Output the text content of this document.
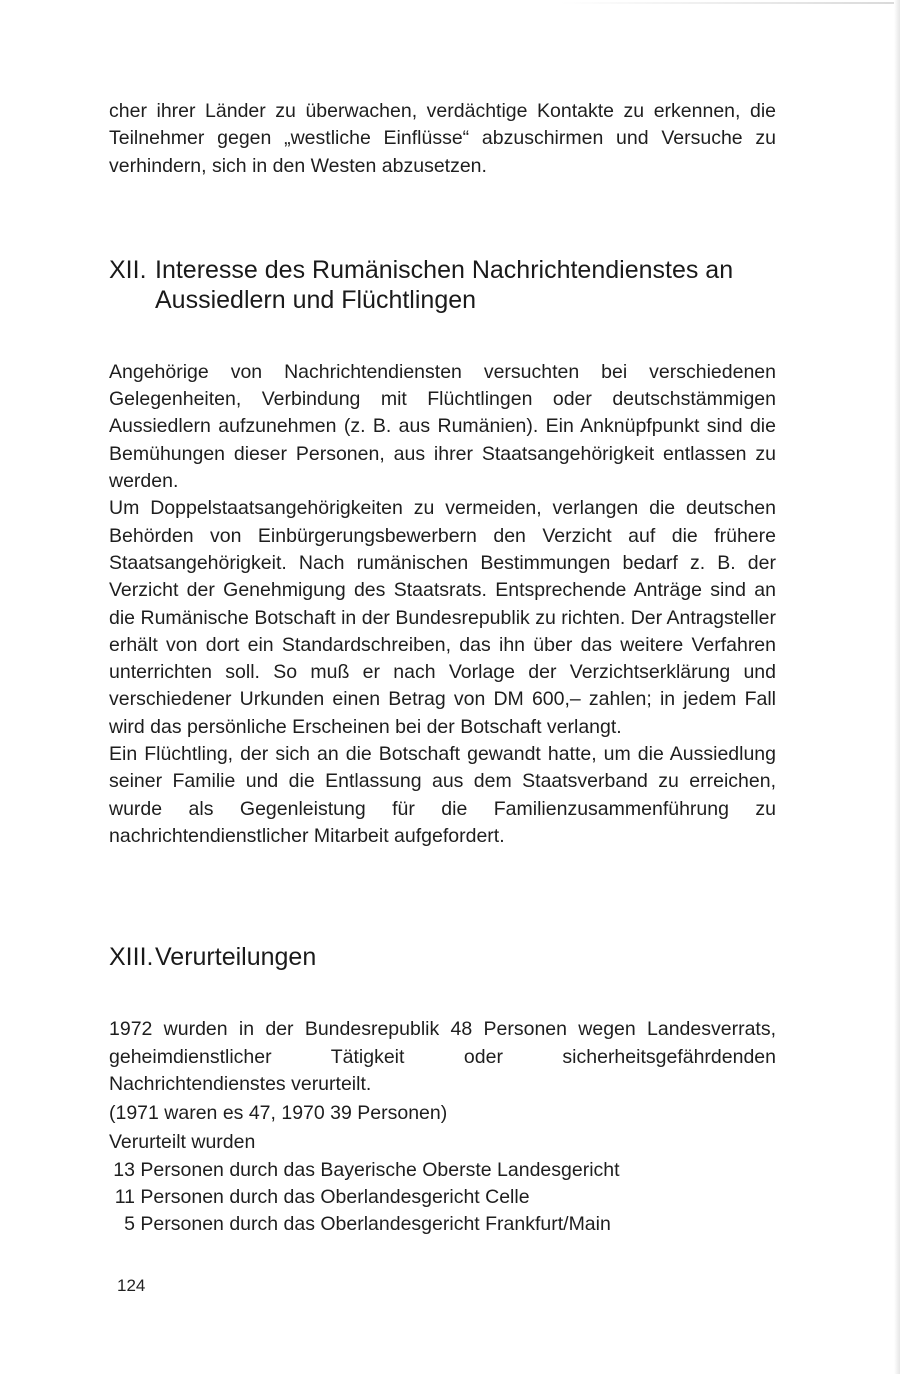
cher ihrer Länder zu überwachen, verdächtige Kontakte zu erkennen, die Teilnehmer gegen „westliche Einflüsse“ abzuschirmen und Versuche zu verhindern, sich in den Westen abzusetzen.

XII. Interesse des Rumänischen Nachrichtendienstes an
Aussiedlern und Flüchtlingen

Angehörige von Nachrichtendiensten versuchten bei verschiedenen Gelegenheiten, Verbindung mit Flüchtlingen oder deutschstämmigen Aussiedlern aufzunehmen (z. B. aus Rumänien). Ein Anknüpfpunkt sind die Bemühungen dieser Personen, aus ihrer Staatsangehörigkeit entlassen zu werden.

Um Doppelstaatsangehörigkeiten zu vermeiden, verlangen die deutschen Behörden von Einbürgerungsbewerbern den Verzicht auf die frühere Staatsangehörigkeit. Nach rumänischen Bestimmungen bedarf z. B. der Verzicht der Genehmigung des Staatsrats. Entsprechende Anträge sind an die Rumänische Botschaft in der Bundesrepublik zu richten. Der Antragsteller erhält von dort ein Standardschreiben, das ihn über das weitere Verfahren unterrichten soll. So muß er nach Vorlage der Verzichtserklärung und verschiedener Urkunden einen Betrag von DM 600,– zahlen; in jedem Fall wird das persönliche Erscheinen bei der Botschaft verlangt.

Ein Flüchtling, der sich an die Botschaft gewandt hatte, um die Aussiedlung seiner Familie und die Entlassung aus dem Staatsverband zu erreichen, wurde als Gegenleistung für die Familienzusammenführung zu nachrichtendienstlicher Mitarbeit aufgefordert.

XIII.Verurteilungen

1972 wurden in der Bundesrepublik 48 Personen wegen Landesverrats, geheimdienstlicher Tätigkeit oder sicherheitsgefährdenden Nachrichtendienstes verurteilt.

(1971 waren es 47, 1970 39 Personen)

Verurteilt wurden

13 Personen durch das Bayerische Oberste Landesgericht
11 Personen durch das Oberlandesgericht Celle
5 Personen durch das Oberlandesgericht Frankfurt/Main
124
